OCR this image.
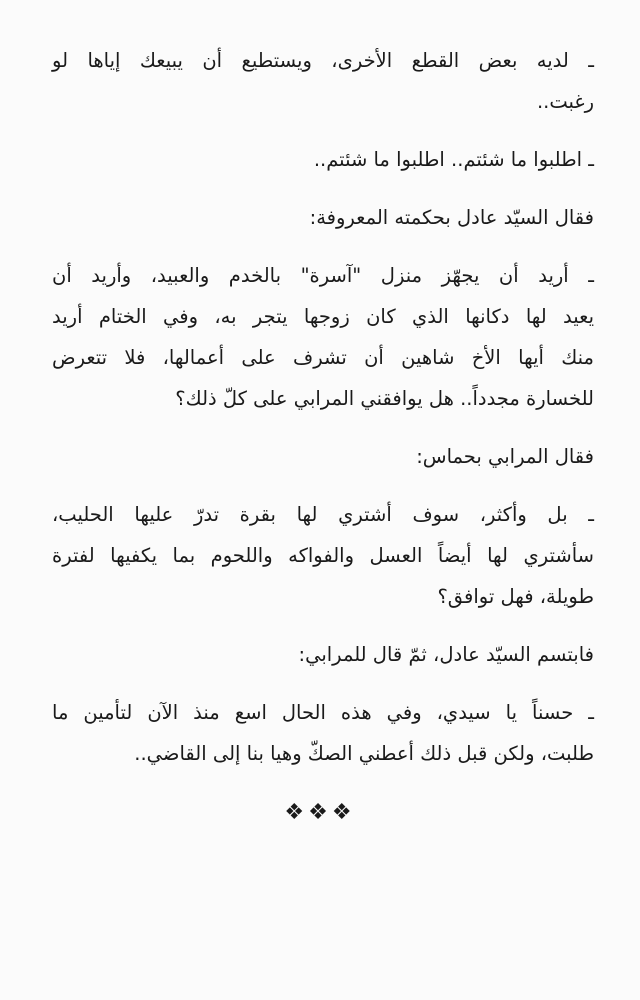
ـ لديه بعض القطع الأخرى، ويستطيع أن يبيعك إياها لو
رغبت..
ـ اطلبوا ما شئتم.. اطلبوا ما شئتم..
فقال السيّد عادل بحكمته المعروفة:
ـ أريد أن يجهّز منزل "آسرة" بالخدم والعبيد، وأريد أن
يعيد لها دكانها الذي كان زوجها يتجر به، وفي الختام أريد
منك أيها الأخ شاهين أن تشرف على أعمالها، فلا تتعرض
للخسارة مجدداً.. هل يوافقني المرابي على كلّ ذلك؟
فقال المرابي بحماس:
ـ بل وأكثر، سوف أشتري لها بقرة تدرّ عليها الحليب،
سأشتري لها أيضاً العسل والفواكه واللحوم بما يكفيها لفترة
طويلة، فهل توافق؟
فابتسم السيّد عادل، ثمّ قال للمرابي:
ـ حسناً يا سيدي، وفي هذه الحال اسع منذ الآن لتأمين ما
طلبت، ولكن قبل ذلك أعطني الصكّ وهيا بنا إلى القاضي..
❖❖❖
